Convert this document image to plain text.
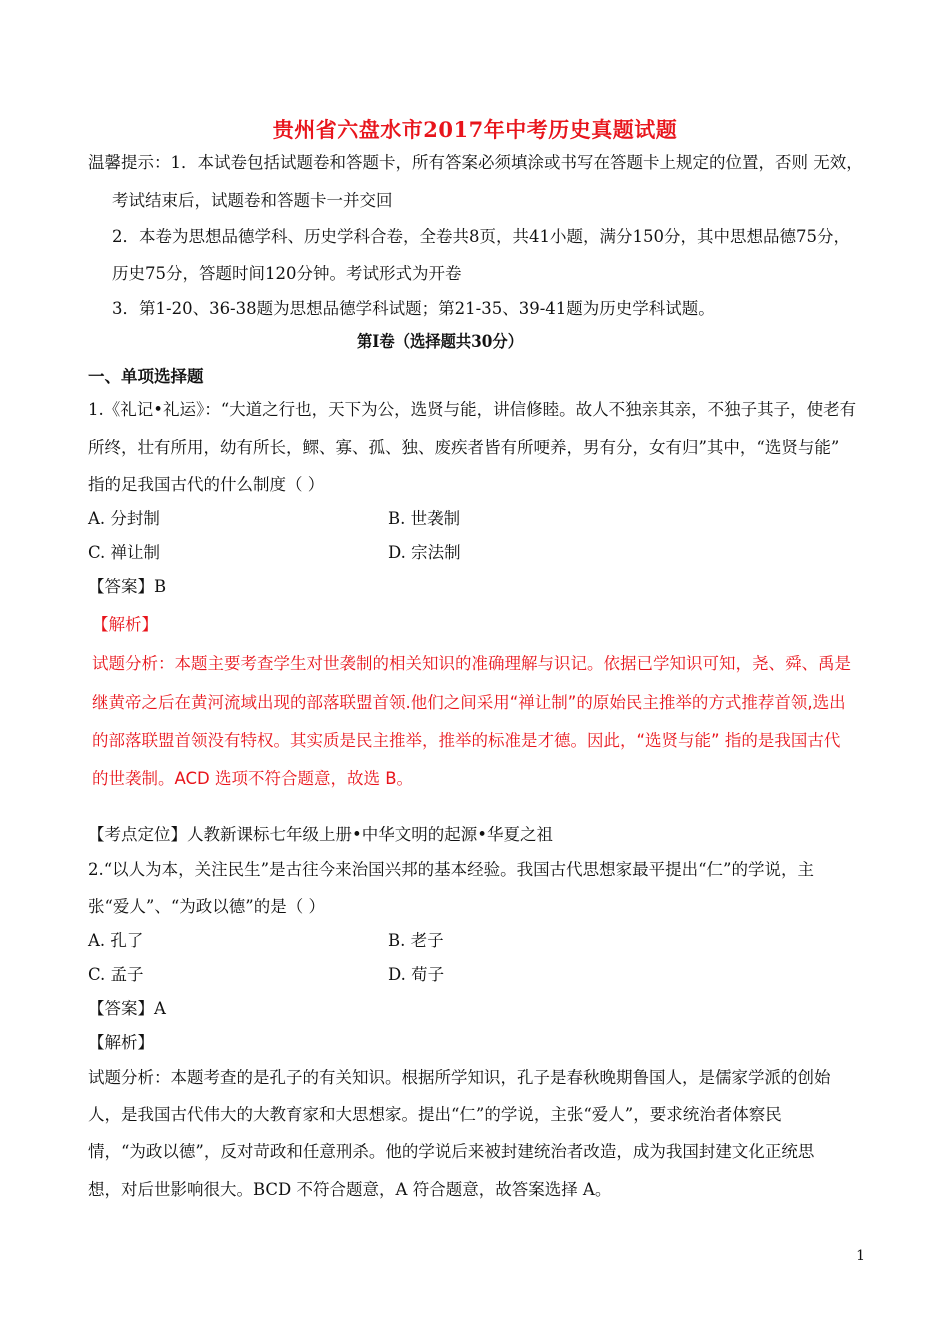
贵州省六盘水市2017年中考历史真题试题
温馨提示：1．本试卷包括试题卷和答题卡，所有答案必须填涂或书写在答题卡上规定的位置，否则 无效，
考试结束后，试题卷和答题卡一并交回
2．本卷为思想品德学科、历史学科合卷，全卷共8页，共41小题，满分150分，其中思想品德75分，
历史75分，答题时间120分钟。考试形式为开卷
3．第1-20、36-38题为思想品德学科试题；第21-35、39-41题为历史学科试题。
第Ⅰ卷（选择题共30分）
一、单项选择题
1.《礼记•礼运》：“大道之行也，天下为公，选贤与能，讲信修睦。故人不独亲其亲，不独子其子，使老有
所终，壮有所用，幼有所长，鳏、寡、孤、独、废疾者皆有所哽养，男有分，女有归”其中，“选贤与能”
指的足我国古代的什么制度（ ）
A. 分封制	B. 世袭制
C. 禅让制	D. 宗法制
【答案】B
【解析】
试题分析：本题主要考查学生对世袭制的相关知识的准确理解与识记。依据已学知识可知，尧、舜、禹是
继黄帝之后在黄河流域出现的部落联盟首领.他们之间采用“禅让制”的原始民主推举的方式推荐首领,选出
的部落联盟首领没有特权。其实质是民主推举，推举的标准是才德。因此，“选贤与能” 指的是我国古代
的世袭制。ACD 选项不符合题意，故选 B。
【考点定位】人教新课标七年级上册•中华文明的起源•华夏之祖
2.“以人为本，关注民生”是古往今来治国兴邦的基本经验。我国古代思想家最平提出“仁”的学说，主
张“爱人”、“为政以德”的是（ ）
A. 孔了	B. 老子
C. 孟子	D. 荀子
【答案】A
【解析】
试题分析：本题考查的是孔子的有关知识。根据所学知识，孔子是春秋晚期鲁国人，是儒家学派的创始
人，是我国古代伟大的大教育家和大思想家。提出“仁”的学说，主张“爱人”，要求统治者体察民
情，“为政以德”，反对苛政和任意刑杀。他的学说后来被封建统治者改造，成为我国封建文化正统思
想，对后世影响很大。BCD 不符合题意，A 符合题意，故答案选择 A。
1
